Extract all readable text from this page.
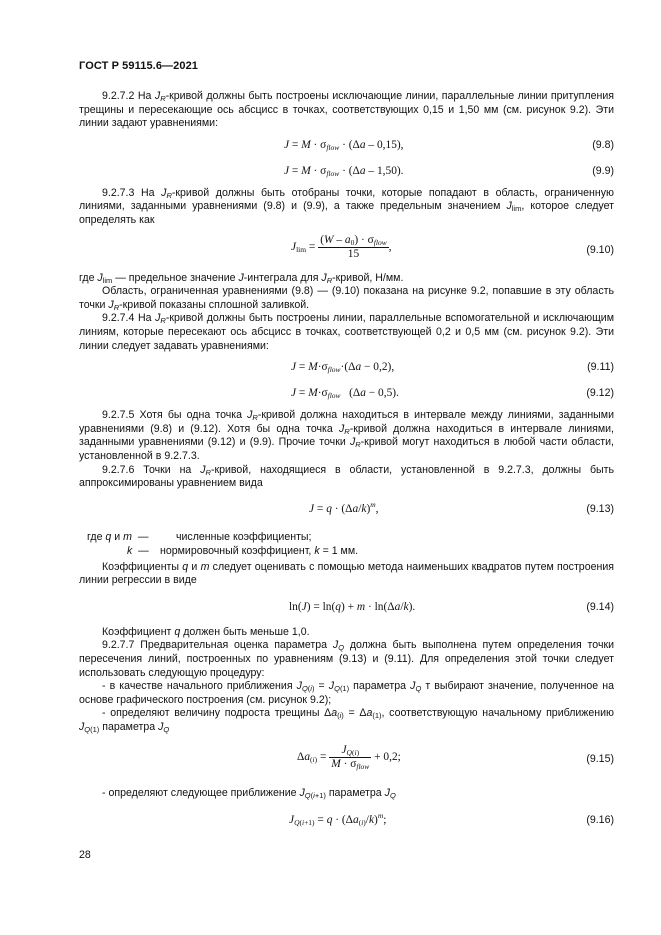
ГОСТ Р 59115.6—2021

9.2.7.2 На $J_R$-кривой должны быть построены исключающие линии, параллельные линии притупления трещины и пересекающие ось абсцисс в точках, соответствующих 0,15 и 1,50 мм (см. рисунок 9.2). Эти линии задают уравнениями:

$J = M \cdot \sigma_{flow} \cdot (\Delta a - 0,15)$,	(9.8)
$J = M \cdot \sigma_{flow} \cdot (\Delta a - 1,50)$.	(9.9)

9.2.7.3 На $J_R$-кривой должны быть отобраны точки, которые попадают в область, ограниченную линиями, заданными уравнениями (9.8) и (9.9), а также предельным значением $J_{lim}$, которое следует определять как

$J_{lim} = \frac{(W - a_0) \cdot \sigma_{flow}}{15}$ ,	(9.10)

где $J_{lim}$ — предельное значение J-интеграла для $J_R$-кривой, Н/мм.

Область, ограниченная уравнениями (9.8) — (9.10) показана на рисунке 9.2, попавшие в эту область точки $J_R$-кривой показаны сплошной заливкой.

9.2.7.4 На $J_R$-кривой должны быть построены линии, параллельные вспомогательной и исключающим линиям, которые пересекают ось абсцисс в точках, соответствующей 0,2 и 0,5 мм (см. рисунок 9.2). Эти линии следует задавать уравнениями:

$J = M\cdot\sigma_{flow}\cdot(\Delta a - 0,2)$,	(9.11)
$J = M\cdot\sigma_{flow}$   (Δa − 0,5).	(9.12)

9.2.7.5 Хотя бы одна точка $J_R$-кривой должна находиться в интервале между линиями, заданными уравнениями (9.8) и (9.12). Хотя бы одна точка $J_R$-кривой должна находиться в интервале линиями, заданными уравнениями (9.12) и (9.9). Прочие точки $J_R$-кривой могут находиться в любой части области, установленной в 9.2.7.3.

9.2.7.6 Точки на $J_R$-кривой, находящиеся в области, установленной в 9.2.7.3, должны быть аппроксимированы уравнением вида

$J = q \cdot (\Delta a/k)^m$,	(9.13)
где q и m  —	численные коэффициенты;
k  — нормировочный коэффициент, k = 1 мм.

Коэффициенты q и m следует оценивать с помощью метода наименьших квадратов путем построения линии регрессии в виде

ln(J) = ln(q) + m · ln(Δa/k).	(9.14)

Коэффициент q должен быть меньше 1,0.

9.2.7.7 Предварительная оценка параметра $J_Q$ должна быть выполнена путем определения точки пересечения линий, построенных по уравнениям (9.13) и (9.11). Для определения этой точки следует использовать следующую процедуру:

- в качестве начального приближения $J_{Q(i)} = J_{Q(1)}$ параметра $J_Q$ т выбирают значение, полученное на основе графического построения (см. рисунок 9.2);

- определяют величину подроста трещины $\Delta a_{(i)} = \Delta a_{(1)}$, соответствующую начальному приближению $J_{Q(1)}$ параметра $J_Q$

$\Delta a_{(i)} = \frac{J_{Q(i)}}{M \cdot \sigma_{flow}} + 0,2$;	(9.15)

- определяют следующее приближение $J_{Q(i+1)}$ параметра $J_Q$

$J_{Q(i+1)} = q \cdot (\Delta a_{(i)}/k)^m$;	(9.16)
28
